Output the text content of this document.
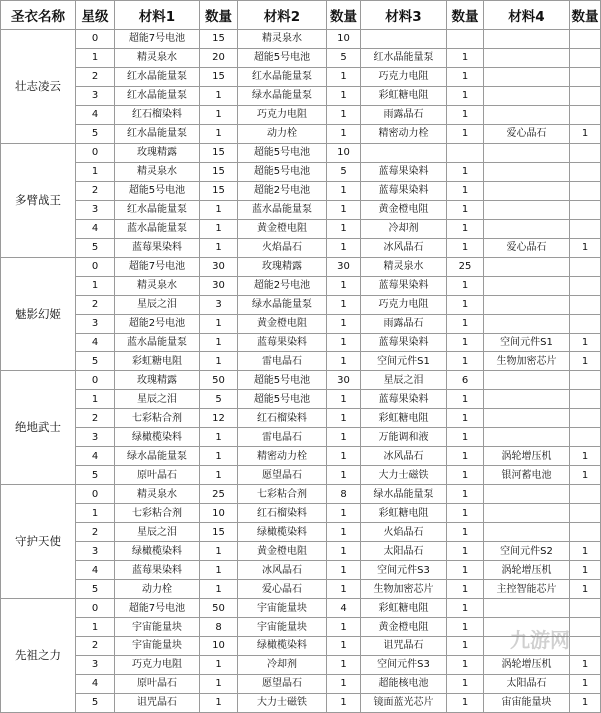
圣衣名称	星级	材料1	数量	材料2	数量	材料3	数量	材料4	数量
壮志凌云	0	超能7号电池	15	精灵泉水	10				
	1	精灵泉水	20	超能5号电池	5	红水晶能量泵	1		
	2	红水晶能量泵	15	红水晶能量泵	1	巧克力电阻	1		
	3	红水晶能量泵	1	绿水晶能量泵	1	彩虹糖电阻	1		
	4	红石榴染料	1	巧克力电阻	1	雨露晶石	1		
	5	红水晶能量泵	1	动力栓	1	精密动力栓	1	爱心晶石	1
多臂战王	0	玫瑰精露	15	超能5号电池	10				
	1	精灵泉水	15	超能5号电池	5	蓝莓果染料	1		
	2	超能5号电池	15	超能2号电池	1	蓝莓果染料	1		
	3	红水晶能量泵	1	蓝水晶能量泵	1	黄金橙电阻	1		
	4	蓝水晶能量泵	1	黄金橙电阻	1	冷却剂	1		
	5	蓝莓果染料	1	火焰晶石	1	冰风晶石	1	爱心晶石	1
魅影幻姬	0	超能7号电池	30	玫瑰精露	30	精灵泉水	25		
	1	精灵泉水	30	超能2号电池	1	蓝莓果染料	1		
	2	星辰之泪	3	绿水晶能量泵	1	巧克力电阻	1		
	3	超能2号电池	1	黄金橙电阻	1	雨露晶石	1		
	4	蓝水晶能量泵	1	蓝莓果染料	1	蓝莓果染料	1	空间元件S1	1
	5	彩虹糖电阻	1	雷电晶石	1	空间元件S1	1	生物加密芯片	1
绝地武士	0	玫瑰精露	50	超能5号电池	30	星辰之泪	6		
	1	星辰之泪	5	超能5号电池	1	蓝莓果染料	1		
	2	七彩粘合剂	12	红石榴染料	1	彩虹糖电阻	1		
	3	绿橄榄染料	1	雷电晶石	1	万能调和液	1		
	4	绿水晶能量泵	1	精密动力栓	1	冰风晶石	1	涡轮增压机	1
	5	原叶晶石	1	愿望晶石	1	大力士磁铁	1	银河蓄电池	1
守护天使	0	精灵泉水	25	七彩粘合剂	8	绿水晶能量泵	1		
	1	七彩粘合剂	10	红石榴染料	1	彩虹糖电阻	1		
	2	星辰之泪	15	绿橄榄染料	1	火焰晶石	1		
	3	绿橄榄染料	1	黄金橙电阻	1	太阳晶石	1	空间元件S2	1
	4	蓝莓果染料	1	冰风晶石	1	空间元件S3	1	涡轮增压机	1
	5	动力栓	1	爱心晶石	1	生物加密芯片	1	主控智能芯片	1
先祖之力	0	超能7号电池	50	宇宙能量块	4	彩虹糖电阻	1		
	1	宇宙能量块	8	宇宙能量块	1	黄金橙电阻	1		
	2	宇宙能量块	10	绿橄榄染料	1	诅咒晶石	1		
	3	巧克力电阻	1	冷却剂	1	空间元件S3	1	涡轮增压机	1
	4	原叶晶石	1	愿望晶石	1	超能核电池	1	太阳晶石	1
	5	诅咒晶石	1	大力士磁铁	1	镜面蓝光芯片	1	宙宙能量块	1
九游网
